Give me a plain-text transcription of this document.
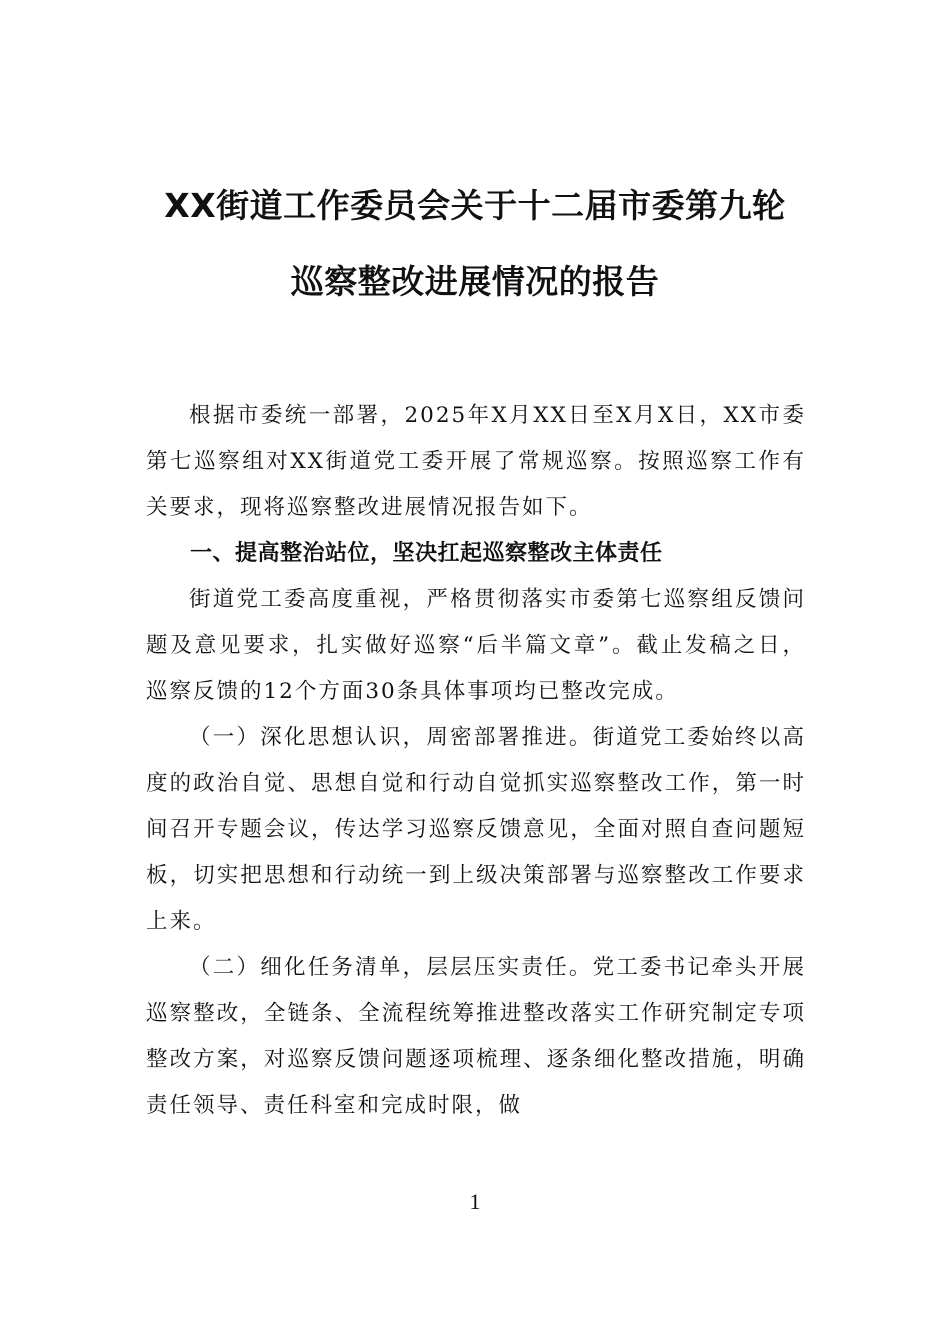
XX街道工作委员会关于十二届市委第九轮
巡察整改进展情况的报告

根据市委统一部署，2025年X月XX日至X月X日，XX市委第七巡察组对XX街道党工委开展了常规巡察。按照巡察工作有关要求，现将巡察整改进展情况报告如下。

一、提高整治站位，坚决扛起巡察整改主体责任

街道党工委高度重视，严格贯彻落实市委第七巡察组反馈问题及意见要求，扎实做好巡察“后半篇文章”。截止发稿之日，巡察反馈的12个方面30条具体事项均已整改完成。

（一）深化思想认识，周密部署推进。街道党工委始终以高度的政治自觉、思想自觉和行动自觉抓实巡察整改工作，第一时间召开专题会议，传达学习巡察反馈意见，全面对照自查问题短板，切实把思想和行动统一到上级决策部署与巡察整改工作要求上来。

（二）细化任务清单，层层压实责任。党工委书记牵头开展巡察整改，全链条、全流程统筹推进整改落实工作研究制定专项整改方案，对巡察反馈问题逐项梳理、逐条细化整改措施，明确责任领导、责任科室和完成时限，做

1
